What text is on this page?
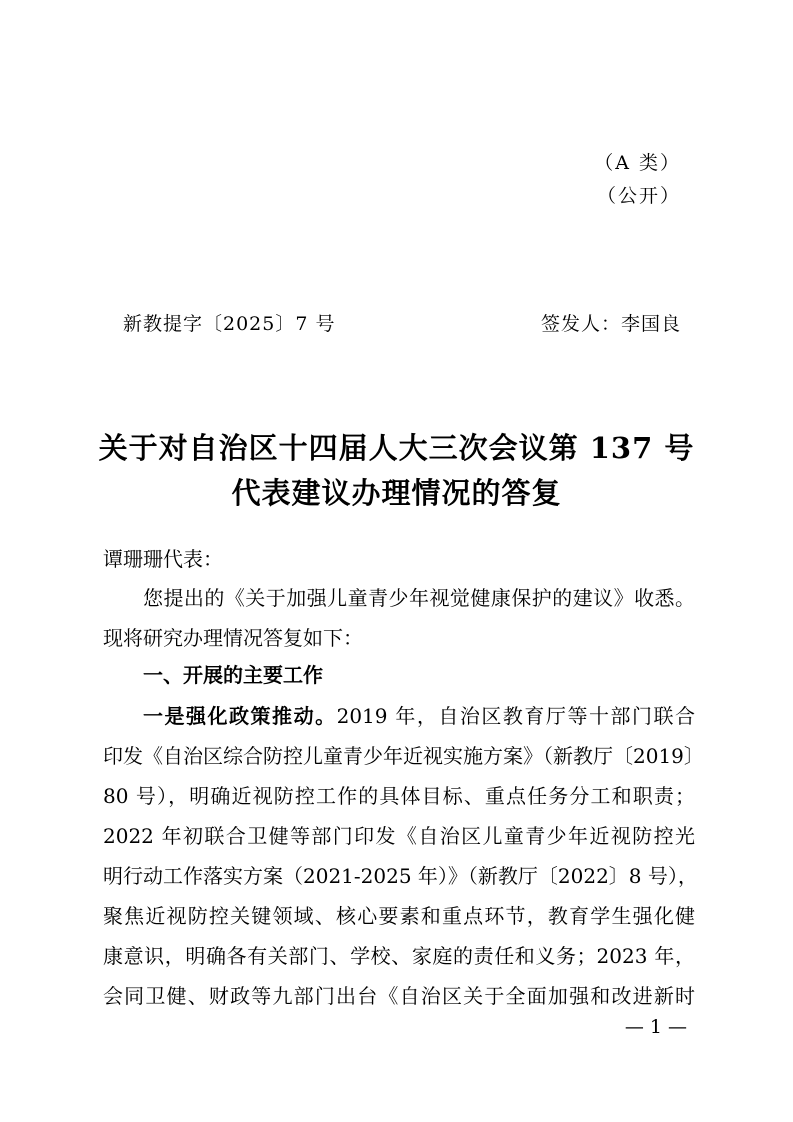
（A 类）
（公开）
新教提字〔2025〕7 号	签发人：李国良
关于对自治区十四届人大三次会议第 137 号
代表建议办理情况的答复
谭珊珊代表：
您提出的《关于加强儿童青少年视觉健康保护的建议》收悉。
现将研究办理情况答复如下：
一、开展的主要工作
一是强化政策推动。2019 年，自治区教育厅等十部门联合
印发《自治区综合防控儿童青少年近视实施方案》（新教厅〔2019〕
80 号），明确近视防控工作的具体目标、重点任务分工和职责；
2022 年初联合卫健等部门印发《自治区儿童青少年近视防控光
明行动工作落实方案（2021-2025 年）》（新教厅〔2022〕8 号），
聚焦近视防控关键领域、核心要素和重点环节，教育学生强化健
康意识，明确各有关部门、学校、家庭的责任和义务；2023 年，
会同卫健、财政等九部门出台《自治区关于全面加强和改进新时
— 1 —
